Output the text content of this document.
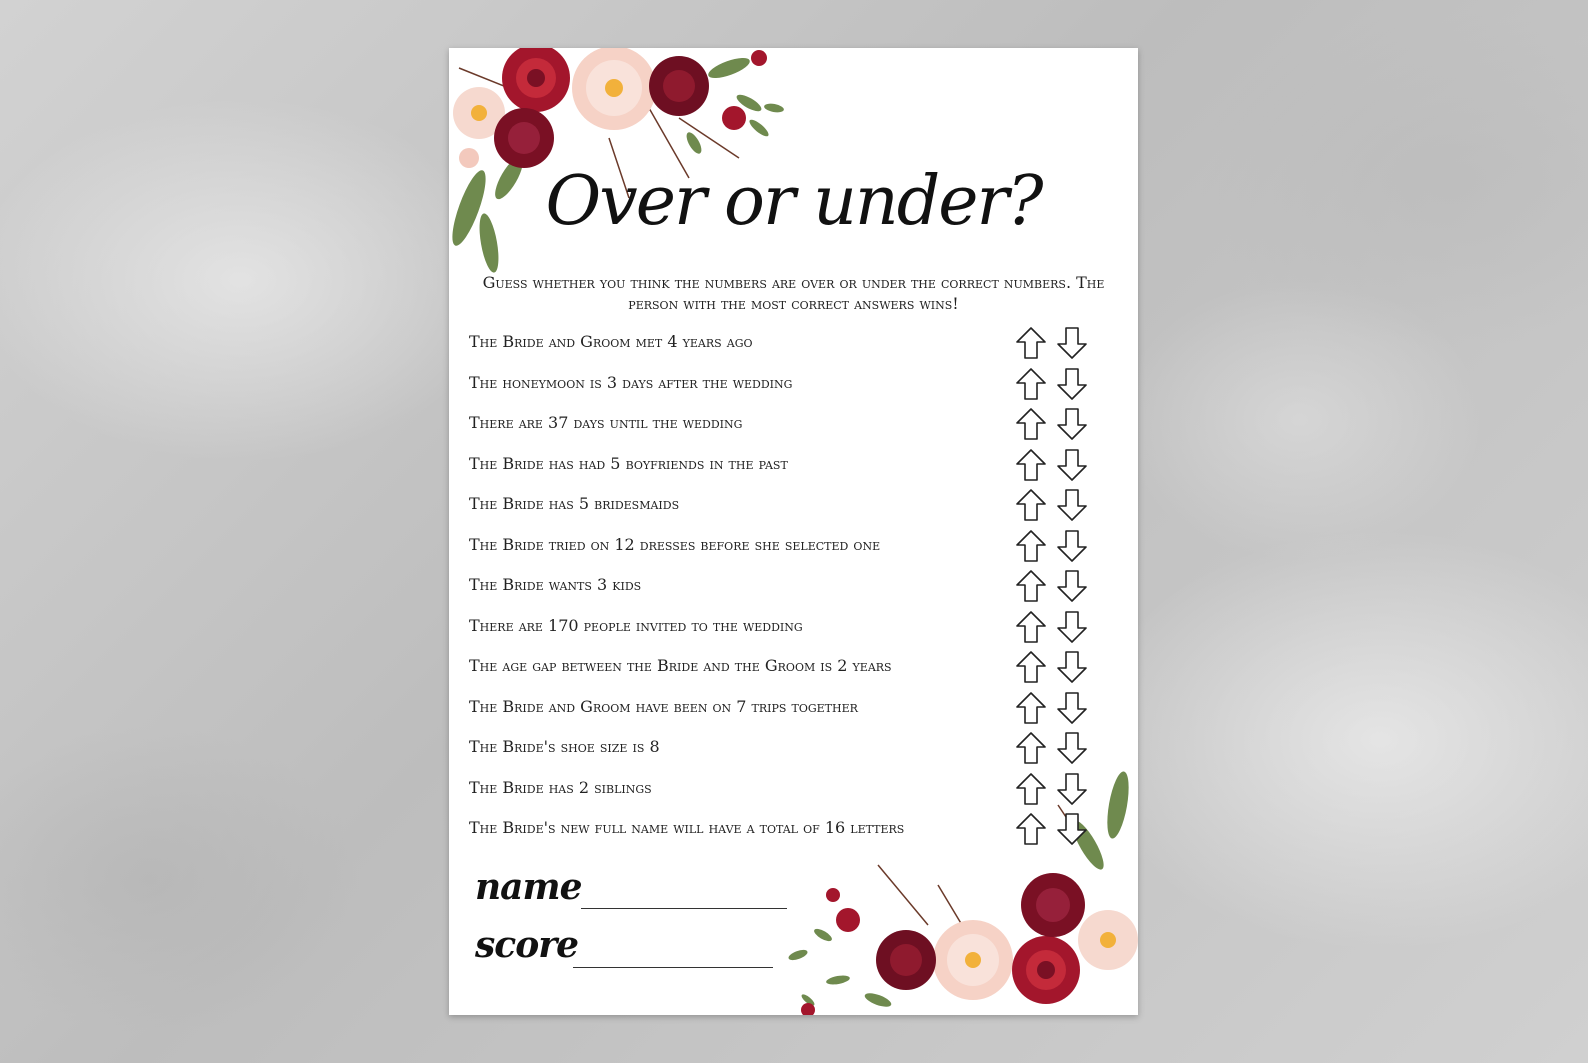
Over or under?
Guess whether you think the numbers are over or under the correct numbers. The person with the most correct answers wins!
The Bride and Groom met 4 years ago
The honeymoon is 3 days after the wedding
There are 37 days until the wedding
The Bride has had 5 boyfriends in the past
The Bride has 5 bridesmaids
The Bride tried on 12 dresses before she selected one
The Bride wants 3 kids
There are 170 people invited to the wedding
The age gap between the Bride and the Groom is 2 years
The Bride and Groom have been on 7 trips together
The Bride's shoe size is 8
The Bride has 2 siblings
The Bride's new full name will have a total of 16 letters
name
score
